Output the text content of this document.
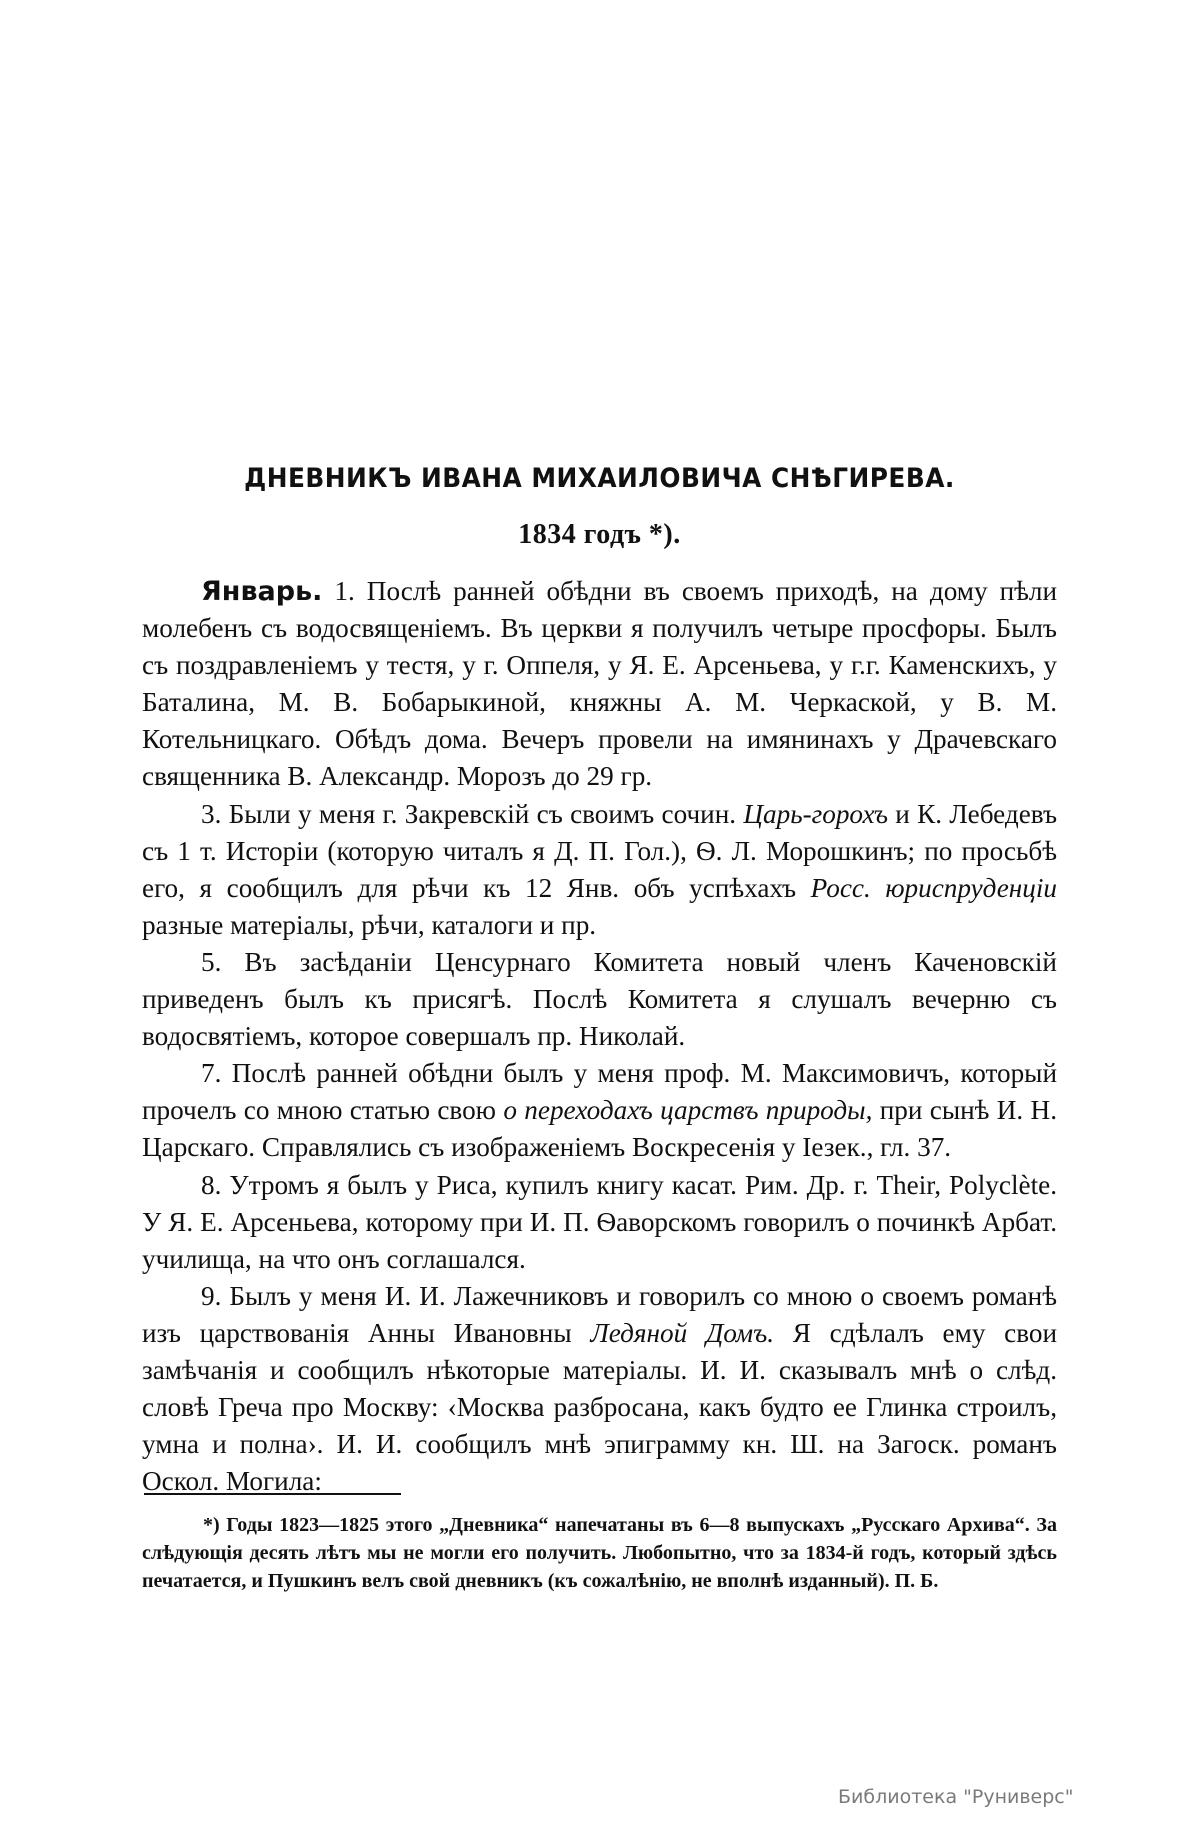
ДНЕВНИКЪ ИВАНА МИХАИЛОВИЧА СНѢГИРЕВА.
1834 годъ *).

Январь. 1. Послѣ ранней обѣдни въ своемъ приходѣ, на дому пѣли молебенъ съ водосвященіемъ. Въ церкви я получилъ четыре просфоры. Былъ съ поздравленіемъ у тестя, у г. Оппеля, у Я. Е. Арсеньева, у г.г. Каменскихъ, у Баталина, М. В. Бобарыкиной, княжны А. М. Черкаской, у В. М. Котельницкаго. Обѣдъ дома. Вечеръ провели на имянинахъ у Драчевскаго священника В. Александр. Морозъ до 29 гр.

3. Были у меня г. Закревскій съ своимъ сочин. Царь-горохъ и К. Лебедевъ съ 1 т. Исторіи (которую читалъ я Д. П. Гол.), Ѳ. Л. Морошкинъ; по просьбѣ его, я сообщилъ для рѣчи къ 12 Янв. объ успѣхахъ Росс. юриспруденціи разные матеріалы, рѣчи, каталоги и пр.

5. Въ засѣданіи Ценсурнаго Комитета новый членъ Каченовскій приведенъ былъ къ присягѣ. Послѣ Комитета я слушалъ вечерню съ водосвятіемъ, которое совершалъ пр. Николай.

7. Послѣ ранней обѣдни былъ у меня проф. М. Максимовичъ, который прочелъ со мною статью свою о переходахъ царствъ природы, при сынѣ И. Н. Царскаго. Справлялись съ изображеніемъ Воскресенія у Іезек., гл. 37.

8. Утромъ я былъ у Риса, купилъ книгу касат. Рим. Др. г. Their, Polyclète. У Я. Е. Арсеньева, которому при И. П. Ѳаворскомъ говорилъ о починкѣ Арбат. училища, на что онъ соглашался.

9. Былъ у меня И. И. Лажечниковъ и говорилъ со мною о своемъ романѣ изъ царствованія Анны Ивановны Ледяной Домъ. Я сдѣлалъ ему свои замѣчанія и сообщилъ нѣкоторые матеріалы. И. И. сказывалъ мнѣ о слѣд. словѣ Греча про Москву: ‹Москва разбросана, какъ будто ее Глинка строилъ, умна и полна›. И. И. сообщилъ мнѣ эпиграмму кн. Ш. на Загоск. романъ Оскол. Могила:

*) Годы 1823—1825 этого „Дневника“ напечатаны въ 6—8 выпускахъ „Русскаго Архива“. За слѣдующія десять лѣтъ мы не могли его получить. Любопытно, что за 1834-й годъ, который здѣсь печатается, и Пушкинъ велъ свой дневникъ (къ сожалѣнію, не вполнѣ изданный). П. Б.
Библиотека "Руниверс"
